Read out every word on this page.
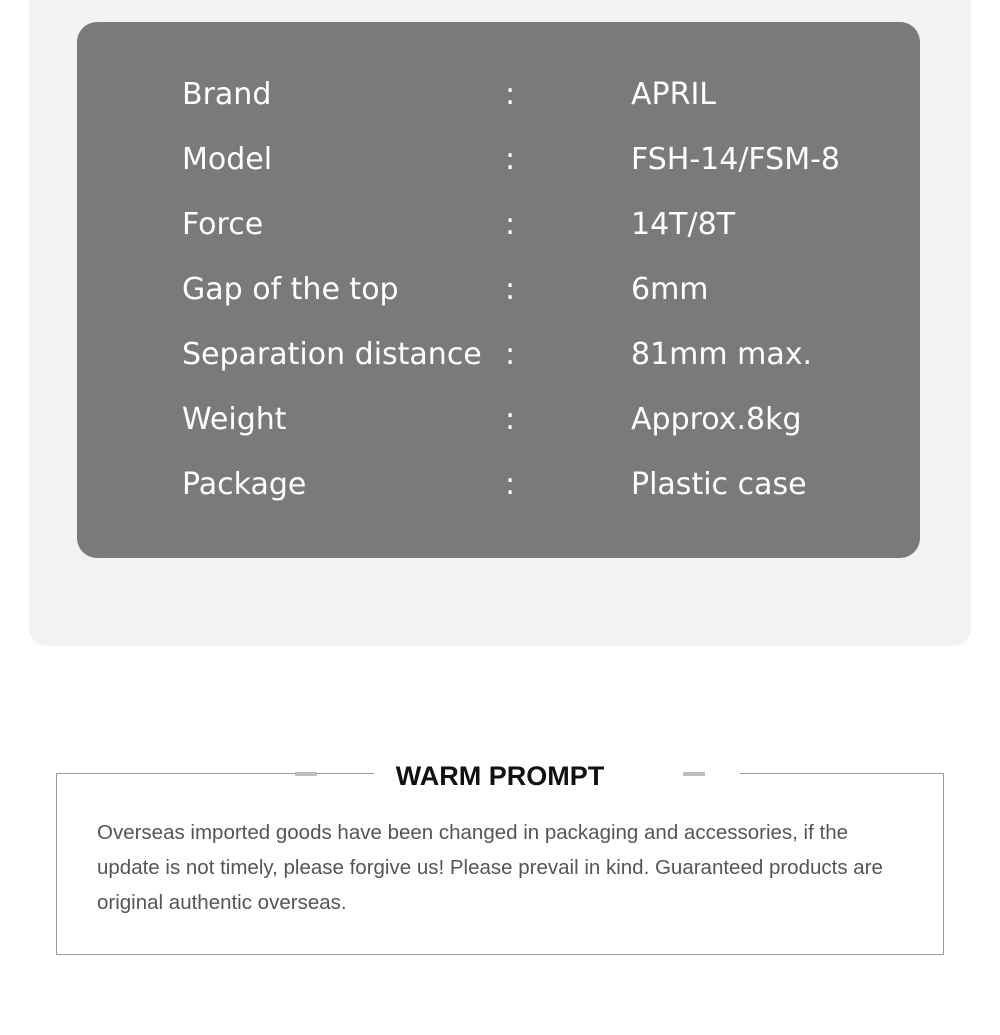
Brand	:	APRIL
Model	:	FSH-14/FSM-8
Force	:	14T/8T
Gap of the top	:	6mm
Separation distance :	81mm max.
Weight	:	Approx.8kg
Package	:	Plastic case
Overseas imported goods have been changed in packaging and accessories, if the update is not timely, please forgive us! Please prevail in kind. Guaranteed products are original authentic overseas.
WARM PROMPT
